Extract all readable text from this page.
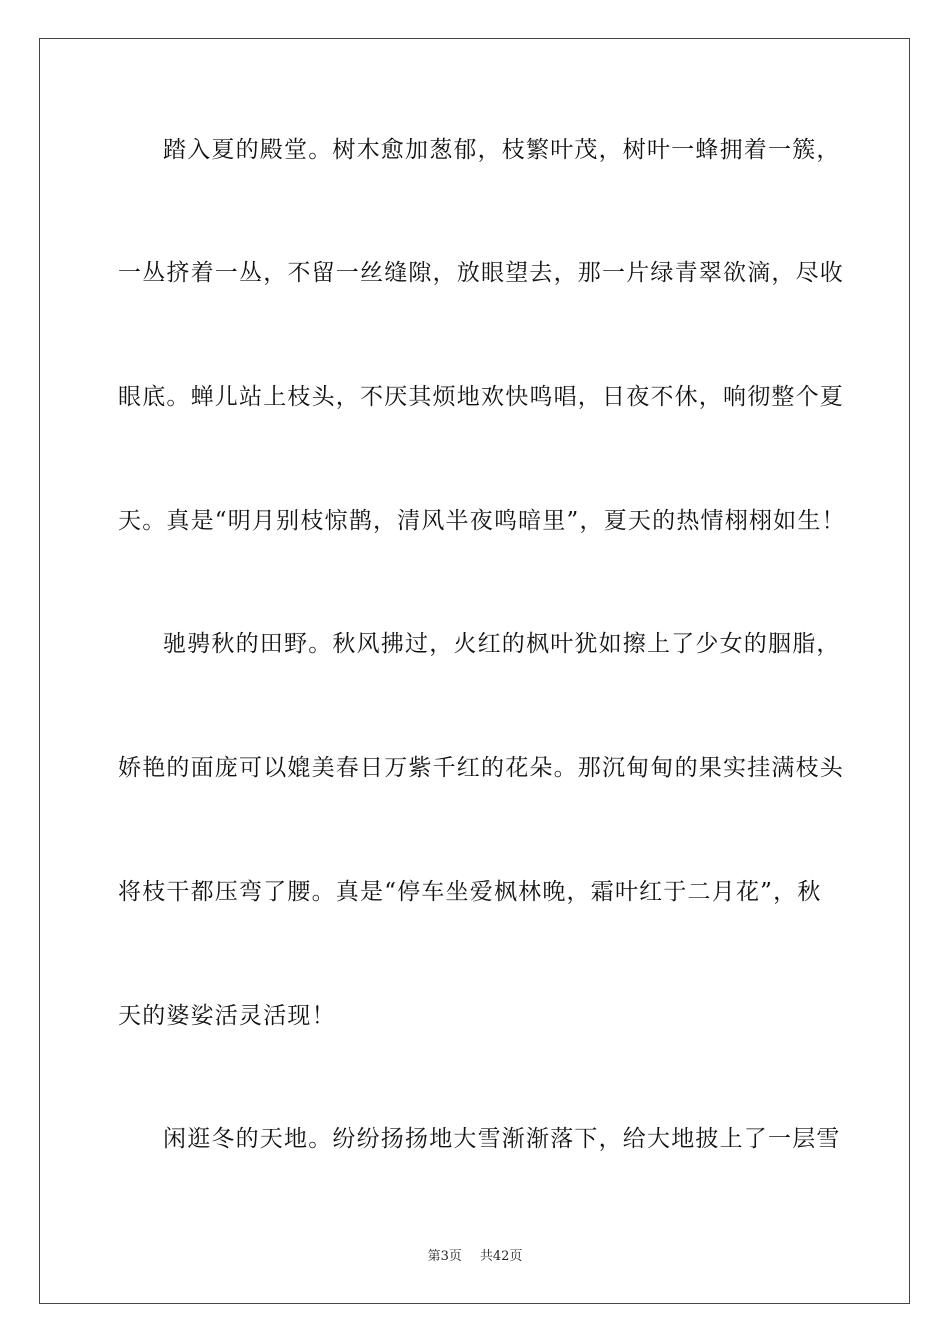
踏入夏的殿堂。树木愈加葱郁，枝繁叶茂，树叶一蜂拥着一簇，
一丛挤着一丛，不留一丝缝隙，放眼望去，那一片绿青翠欲滴，尽收
眼底。蝉儿站上枝头，不厌其烦地欢快鸣唱，日夜不休，响彻整个夏
天。真是“明月别枝惊鹊，清风半夜鸣暗里”，夏天的热情栩栩如生！
驰骋秋的田野。秋风拂过，火红的枫叶犹如擦上了少女的胭脂，
娇艳的面庞可以媲美春日万紫千红的花朵。那沉甸甸的果实挂满枝头
将枝干都压弯了腰。真是“停车坐爱枫林晚，霜叶红于二月花”，秋
天的婆娑活灵活现！
闲逛冬的天地。纷纷扬扬地大雪渐渐落下，给大地披上了一层雪
第3页 共42页
